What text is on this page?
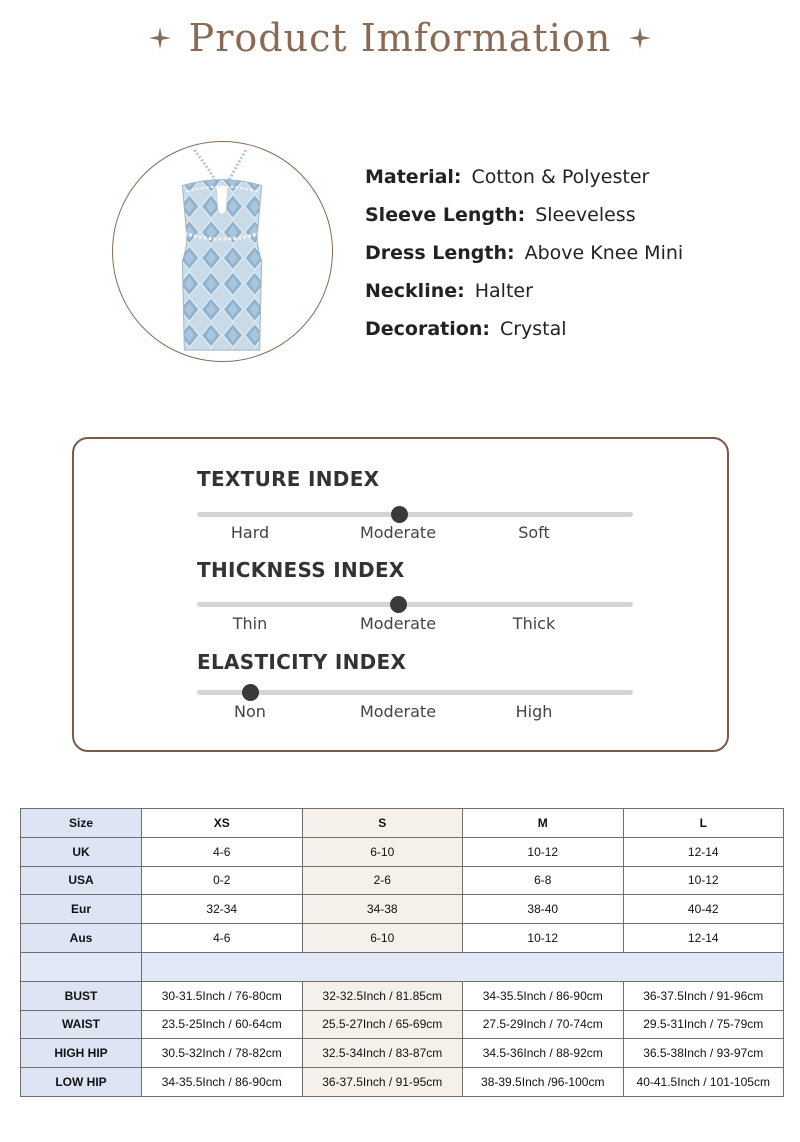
Product Imformation
Material: Cotton & Polyester
Sleeve Length: Sleeveless
Dress Length: Above Knee Mini
Neckline: Halter
Decoration: Crystal
TEXTURE INDEX
Hard	Moderate	Soft
THICKNESS INDEX
Thin	Moderate	Thick
ELASTICITY INDEX
Non	Moderate	High
Size	XS	S	M	L
UK	4-6	6-10	10-12	12-14
USA	0-2	2-6	6-8	10-12
Eur	32-34	34-38	38-40	40-42
Aus	4-6	6-10	10-12	12-14

BUST	30-31.5Inch / 76-80cm	32-32.5Inch / 81.85cm	34-35.5Inch / 86-90cm	36-37.5Inch / 91-96cm
WAIST	23.5-25Inch / 60-64cm	25.5-27Inch / 65-69cm	27.5-29Inch / 70-74cm	29.5-31Inch / 75-79cm
HIGH HIP	30.5-32Inch / 78-82cm	32.5-34Inch / 83-87cm	34.5-36Inch / 88-92cm	36.5-38Inch / 93-97cm
LOW HIP	34-35.5Inch / 86-90cm	36-37.5Inch / 91-95cm	38-39.5Inch /96-100cm	40-41.5Inch / 101-105cm
